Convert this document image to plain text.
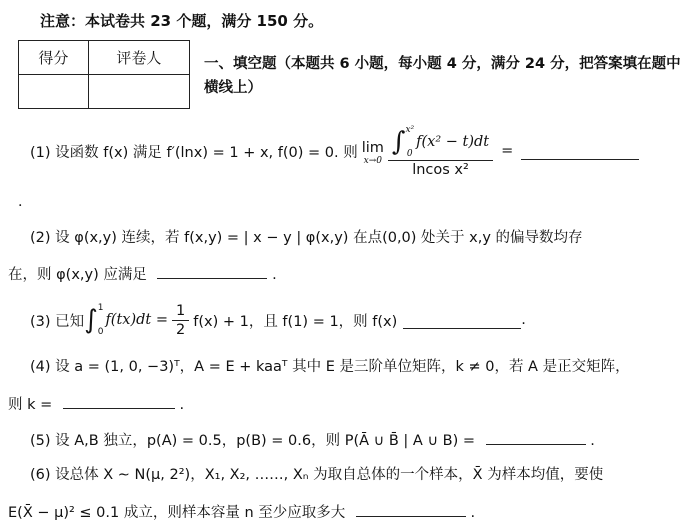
注意：本试卷共 23 个题，满分 150 分。
得分	评卷人
		一、填空题（本题共 6 小题，每小题 4 分，满分 24 分，把答案填在题中横线上）
(1) 设函数 f(x) 满足 f′(lnx) = 1 + x, f(0) = 0. 则 lim
x→0 ∫ x²
0
f(x² − t)dt
lncos x² =
.
(2) 设 φ(x,y) 连续，若 f(x,y) = | x − y | φ(x,y) 在点(0,0) 处关于 x,y 的偏导数均存
在，则 φ(x,y) 应满足	.
(3) 已知 ∫ 1
0
$f(tx)dt = \frac{1}{2} f(x) + 1$，且 f(1) = 1，则 f(x)	.
(4) 设 a = (1, 0, −3)ᵀ，A = E + kaaᵀ 其中 E 是三阶单位矩阵，k ≠ 0，若 A 是正交矩阵，
则 k =	.
(5) 设 A,B 独立，p(A) = 0.5，p(B) = 0.6，则 P(Ā ∪ B̄ | A ∪ B) =	.
(6) 设总体 X ∼ N(μ, 2²)，X₁, X₂, ……, Xₙ 为取自总体的一个样本，X̄ 为样本均值，要使
E(X̄ − μ)² ≤ 0.1 成立，则样本容量 n 至少应取多大	.
